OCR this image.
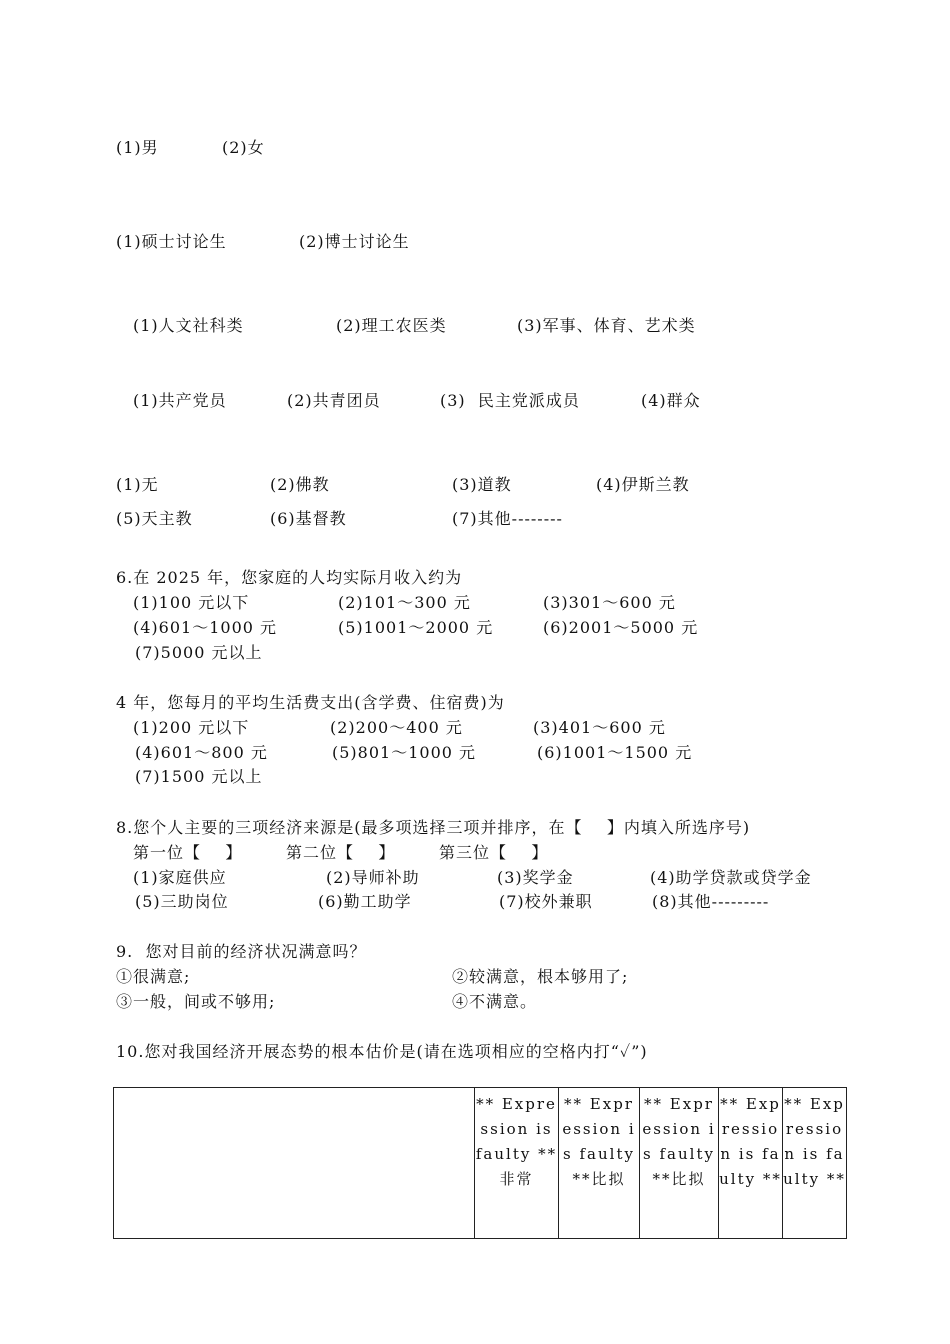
(1)男	(2)女
(1)硕士讨论生	(2)博士讨论生
(1)人文社科类	(2)理工农医类	(3)军事、体育、艺术类
(1)共产党员	(2)共青团员	(3)  民主党派成员	(4)群众
(1)无	(2)佛教	(3)道教	(4)伊斯兰教
(5)天主教	(6)基督教	(7)其他--------
6.在 2025 年，您家庭的人均实际月收入约为
(1)100 元以下	(2)101～300 元	(3)301～600 元
(4)601～1000 元	(5)1001～2000 元	(6)2001～5000 元
(7)5000 元以上
4 年，您每月的平均生活费支出(含学费、住宿费)为
(1)200 元以下	(2)200～400 元	(3)401～600 元
(4)601～800 元	(5)801～1000 元	(6)1001～1500 元
(7)1500 元以上
8.您个人主要的三项经济来源是(最多项选择三项并排序，在【    】内填入所选序号)
第一位【    】	第二位【    】	第三位【    】
(1)家庭供应	(2)导师补助	(3)奖学金	(4)助学贷款或贷学金
(5)三助岗位	(6)勤工助学	(7)校外兼职	(8)其他---------
9.  您对目前的经济状况满意吗？
①很满意;	②较满意，根本够用了;
③一般，间或不够用;	④不满意。
10.您对我国经济开展态势的根本估价是(请在选项相应的空格内打“✓”)
	** Expression is faulty **非常	** Expression is faulty **比拟	** Expression is faulty **比拟	** Expression is faulty **	** Expression is faulty **
